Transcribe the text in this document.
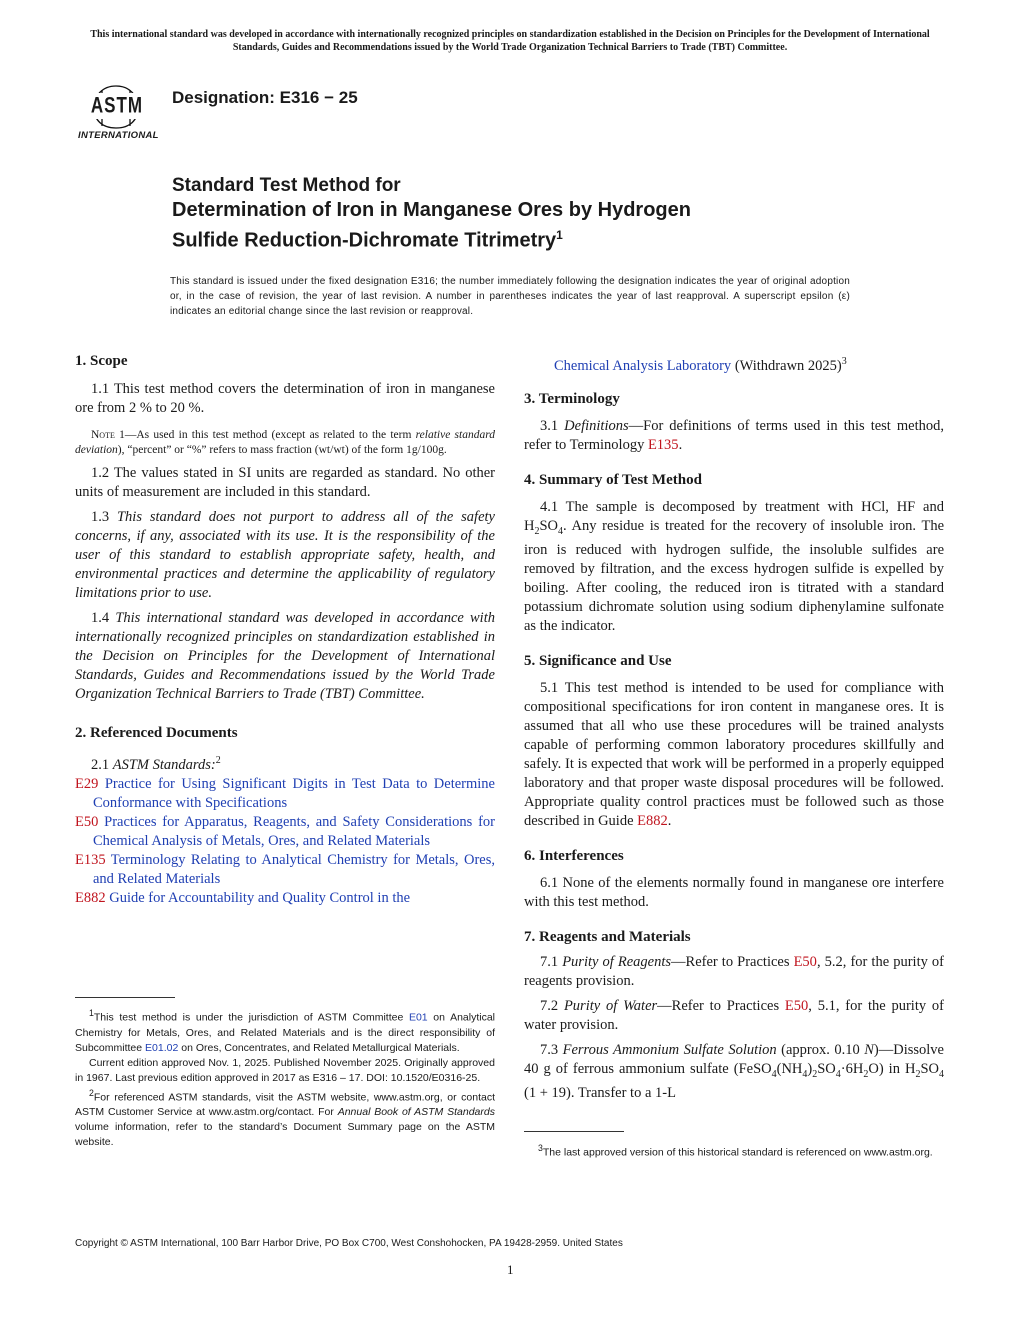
This international standard was developed in accordance with internationally recognized principles on standardization established in the Decision on Principles for the Development of International Standards, Guides and Recommendations issued by the World Trade Organization Technical Barriers to Trade (TBT) Committee.
ASTM
INTERNATIONAL
Designation: E316 − 25
Standard Test Method for
Determination of Iron in Manganese Ores by Hydrogen
Sulfide Reduction-Dichromate Titrimetry$^1$
This standard is issued under the fixed designation E316; the number immediately following the designation indicates the year of original adoption or, in the case of revision, the year of last revision. A number in parentheses indicates the year of last reapproval. A superscript epsilon (ε) indicates an editorial change since the last revision or reapproval.

1. Scope

1.1 This test method covers the determination of iron in manganese ore from 2 % to 20 %.

Note 1—As used in this test method (except as related to the term relative standard deviation), “percent” or “%” refers to mass fraction (wt/wt) of the form 1g/100g.

1.2 The values stated in SI units are regarded as standard. No other units of measurement are included in this standard.

1.3 This standard does not purport to address all of the safety concerns, if any, associated with its use. It is the responsibility of the user of this standard to establish appropriate safety, health, and environmental practices and determine the applicability of regulatory limitations prior to use.

1.4 This international standard was developed in accordance with internationally recognized principles on standardization established in the Decision on Principles for the Development of International Standards, Guides and Recommendations issued by the World Trade Organization Technical Barriers to Trade (TBT) Committee.

2. Referenced Documents

2.1 ASTM Standards:$^2$

E29 Practice for Using Significant Digits in Test Data to Determine Conformance with Specifications

E50 Practices for Apparatus, Reagents, and Safety Considerations for Chemical Analysis of Metals, Ores, and Related Materials

E135 Terminology Relating to Analytical Chemistry for Metals, Ores, and Related Materials

E882 Guide for Accountability and Quality Control in the

$^1$This test method is under the jurisdiction of ASTM Committee E01 on Analytical Chemistry for Metals, Ores, and Related Materials and is the direct responsibility of Subcommittee E01.02 on Ores, Concentrates, and Related Metallurgical Materials.

Current edition approved Nov. 1, 2025. Published November 2025. Originally approved in 1967. Last previous edition approved in 2017 as E316 – 17. DOI: 10.1520/E0316-25.

$^2$For referenced ASTM standards, visit the ASTM website, www.astm.org, or contact ASTM Customer Service at www.astm.org/contact. For Annual Book of ASTM Standards volume information, refer to the standard’s Document Summary page on the ASTM website.

Chemical Analysis Laboratory (Withdrawn 2025)$^3$

3. Terminology

3.1 Definitions—For definitions of terms used in this test method, refer to Terminology E135.

4. Summary of Test Method

4.1 The sample is decomposed by treatment with HCl, HF and $H_2SO_4$. Any residue is treated for the recovery of insoluble iron. The iron is reduced with hydrogen sulfide, the insoluble sulfides are removed by filtration, and the excess hydrogen sulfide is expelled by boiling. After cooling, the reduced iron is titrated with a standard potassium dichromate solution using sodium diphenylamine sulfonate as the indicator.

5. Significance and Use

5.1 This test method is intended to be used for compliance with compositional specifications for iron content in manganese ores. It is assumed that all who use these procedures will be trained analysts capable of performing common laboratory procedures skillfully and safely. It is expected that work will be performed in a properly equipped laboratory and that proper waste disposal procedures will be followed. Appropriate quality control practices must be followed such as those described in Guide E882.

6. Interferences

6.1 None of the elements normally found in manganese ore interfere with this test method.

7. Reagents and Materials

7.1 Purity of Reagents—Refer to Practices E50, 5.2, for the purity of reagents provision.

7.2 Purity of Water—Refer to Practices E50, 5.1, for the purity of water provision.

7.3 Ferrous Ammonium Sulfate Solution (approx. 0.10 N)—Dissolve 40 g of ferrous ammonium sulfate $(FeSO_4(NH_4)_2SO_4\cdot 6H_2O)$ in $H_2SO_4$ (1 + 19). Transfer to a 1-L

$^3$The last approved version of this historical standard is referenced on www.astm.org.

Copyright © ASTM International, 100 Barr Harbor Drive, PO Box C700, West Conshohocken, PA 19428-2959. United States
1
